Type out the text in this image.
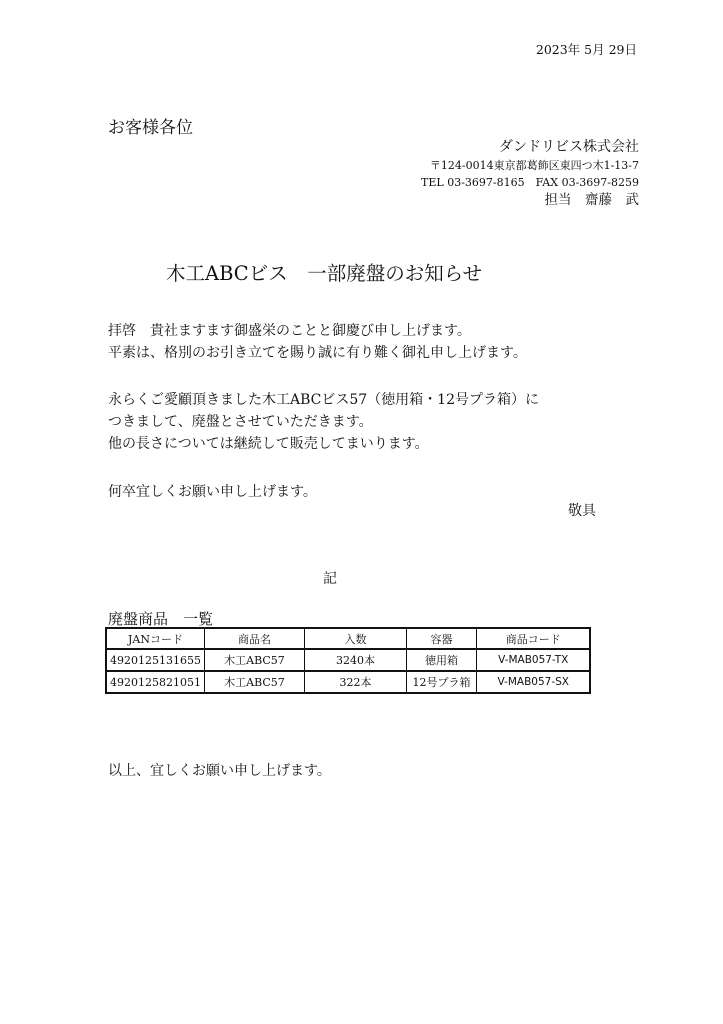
2023年 5月 29日
お客様各位
ダンドリビス株式会社
〒124-0014東京都葛飾区東四つ木1-13-7
TEL 03-3697-8165　FAX 03-3697-8259
担当　齋藤　武
木工ABCビス　一部廃盤のお知らせ
拝啓　貴社ますます御盛栄のことと御慶び申し上げます。
平素は、格別のお引き立てを賜り誠に有り難く御礼申し上げます。
永らくご愛顧頂きました木工ABCビス57（徳用箱・12号プラ箱）に
つきまして、廃盤とさせていただきます。
他の長さについては継続して販売してまいります。
何卒宜しくお願い申し上げます。
敬具
記
廃盤商品　一覧
JANコード	商品名	入数	容器	商品コード
4920125131655	木工ABC57	3240本	徳用箱	V-MAB057-TX
4920125821051	木工ABC57	322本	12号プラ箱	V-MAB057-SX
以上、宜しくお願い申し上げます。
